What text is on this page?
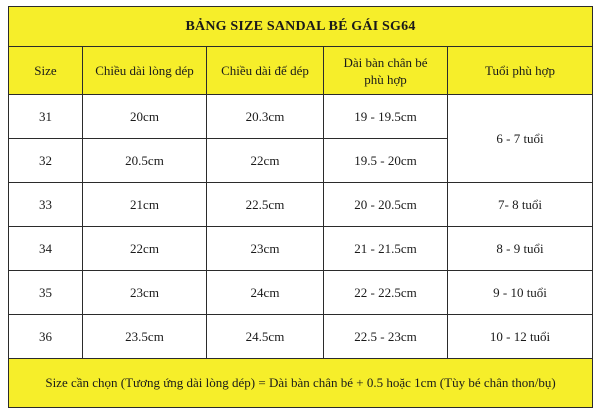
BẢNG SIZE SANDAL BÉ GÁI SG64				
Size	Chiều dài lòng dép	Chiều dài đế dép	Dài bàn chân bé phù hợp	Tuổi phù hợp
31	20cm	20.3cm	19 - 19.5cm	6 - 7 tuổi
32	20.5cm	22cm	19.5 - 20cm	
33	21cm	22.5cm	20 - 20.5cm	7- 8 tuổi
34	22cm	23cm	21 - 21.5cm	8 - 9 tuổi
35	23cm	24cm	22 - 22.5cm	9 - 10 tuổi
36	23.5cm	24.5cm	22.5 - 23cm	10 - 12 tuổi
Size cần chọn (Tương ứng dài lòng dép) = Dài bàn chân bé + 0.5 hoặc 1cm (Tùy bé chân thon/bụ)				
